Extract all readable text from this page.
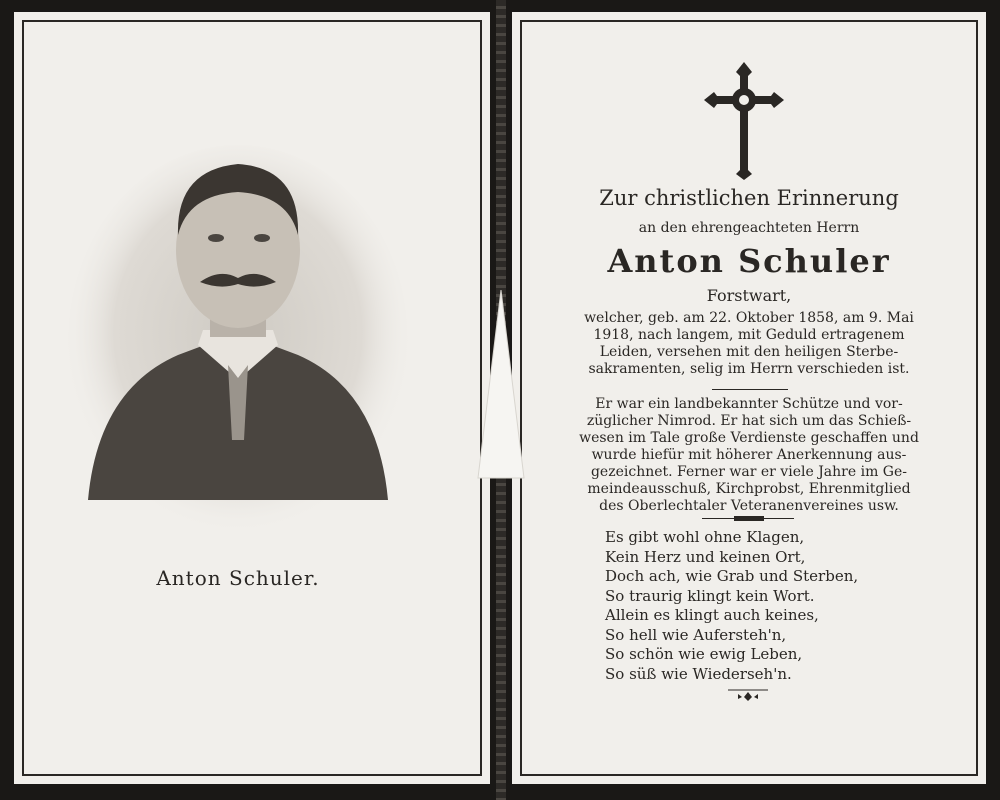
Anton Schuler.
Zur christlichen Erinnerung
an den ehrengeachteten Herrn
Anton Schuler
Forstwart,
welcher, geb. am 22. Oktober 1858, am 9. Mai
1918, nach langem, mit Geduld ertragenem
Leiden, versehen mit den heiligen Sterbe-
sakramenten, selig im Herrn verschieden ist.
Er war ein landbekannter Schütze und vor-
züglicher Nimrod. Er hat sich um das Schieß-
wesen im Tale große Verdienste geschaffen und
wurde hiefür mit höherer Anerkennung aus-
gezeichnet. Ferner war er viele Jahre im Ge-
meindeausschuß, Kirchprobst, Ehrenmitglied
des Oberlechtaler Veteranenvereines usw.
Es gibt wohl ohne Klagen,
Kein Herz und keinen Ort,
Doch ach, wie Grab und Sterben,
So traurig klingt kein Wort.
Allein es klingt auch keines,
So hell wie Aufersteh'n,
So schön wie ewig Leben,
So süß wie Wiederseh'n.
